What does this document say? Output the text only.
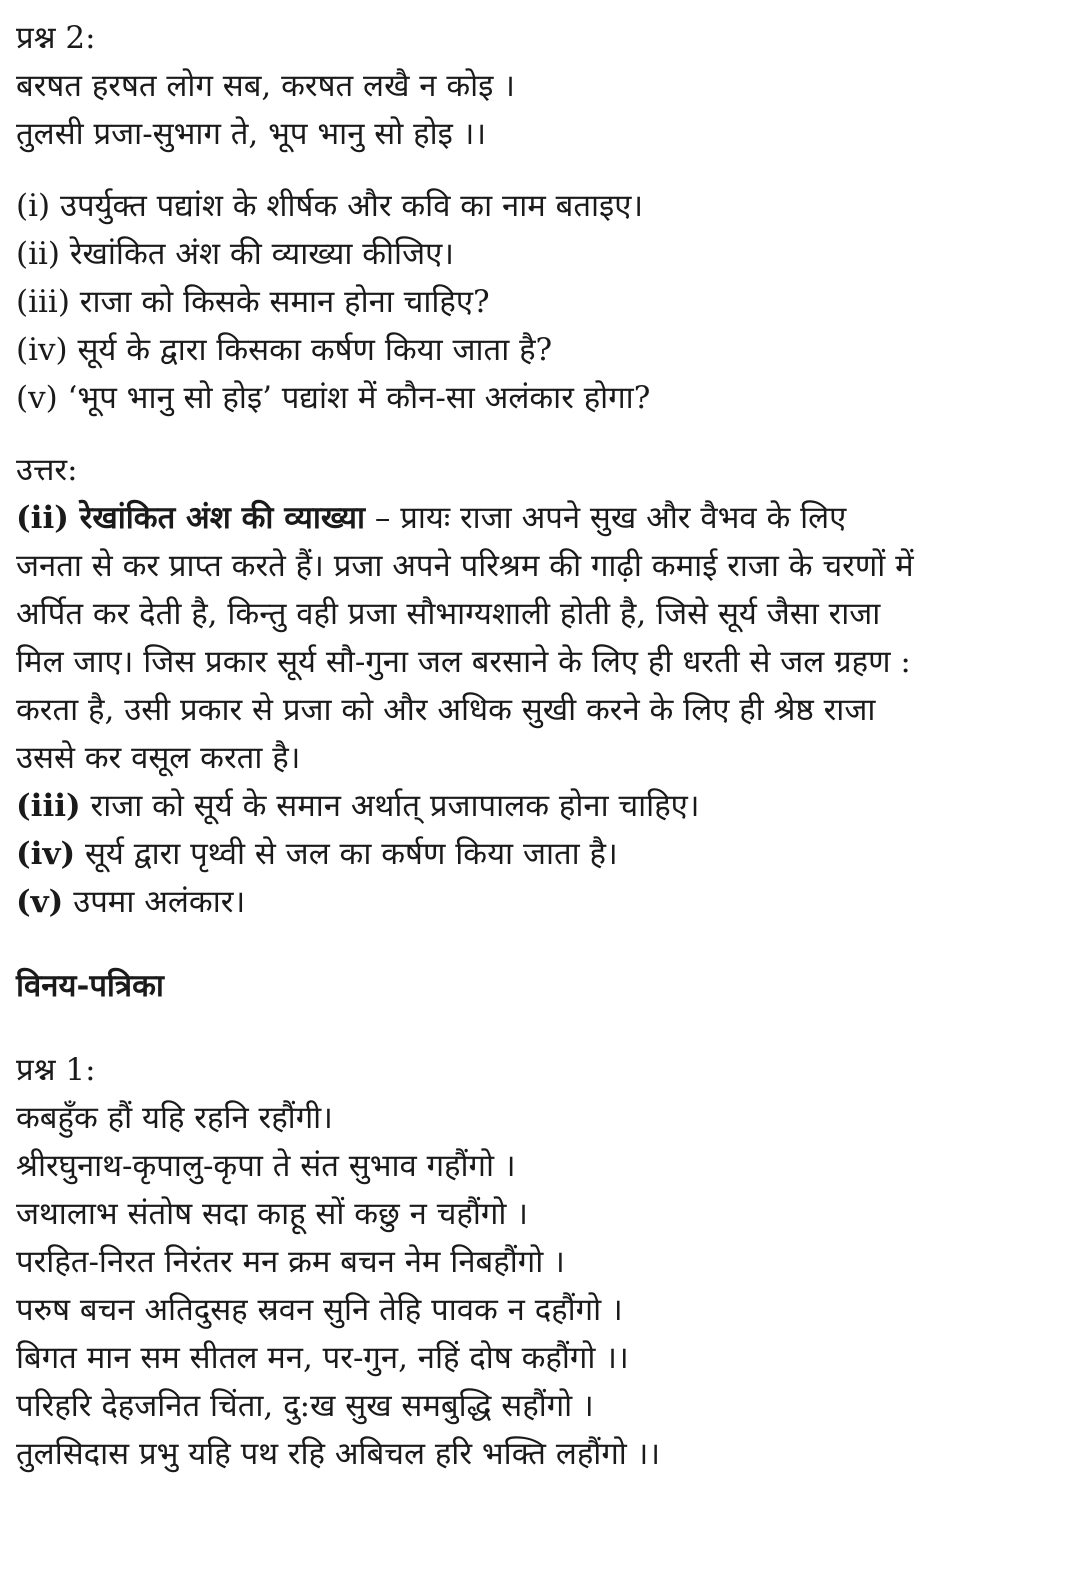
प्रश्न 2:
बरषत हरषत लोग सब, करषत लखै न कोइ ।
तुलसी प्रजा-सुभाग ते, भूप भानु सो होइ ।।
(i) उपर्युक्त पद्यांश के शीर्षक और कवि का नाम बताइए।
(ii) रेखांकित अंश की व्याख्या कीजिए।
(iii) राजा को किसके समान होना चाहिए?
(iv) सूर्य के द्वारा किसका कर्षण किया जाता है?
(v) ‘भूप भानु सो होइ’ पद्यांश में कौन-सा अलंकार होगा?
उत्तर:
(ii) रेखांकित अंश की व्याख्या – प्रायः राजा अपने सुख और वैभव के लिए
जनता से कर प्राप्त करते हैं। प्रजा अपने परिश्रम की गाढ़ी कमाई राजा के चरणों में
अर्पित कर देती है, किन्तु वही प्रजा सौभाग्यशाली होती है, जिसे सूर्य जैसा राजा
मिल जाए। जिस प्रकार सूर्य सौ-गुना जल बरसाने के लिए ही धरती से जल ग्रहण :
करता है, उसी प्रकार से प्रजा को और अधिक सुखी करने के लिए ही श्रेष्ठ राजा
उससे कर वसूल करता है।
(iii) राजा को सूर्य के समान अर्थात् प्रजापालक होना चाहिए।
(iv) सूर्य द्वारा पृथ्वी से जल का कर्षण किया जाता है।
(v) उपमा अलंकार।
विनय-पत्रिका
प्रश्न 1:
कबहुँक हौं यहि रहनि रहौंगी।
श्रीरघुनाथ-कृपालु-कृपा ते संत सुभाव गहौंगो ।
जथालाभ संतोष सदा काहू सों कछु न चहौंगो ।
परहित-निरत निरंतर मन क्रम बचन नेम निबहौंगो ।
परुष बचन अतिदुसह स्रवन सुनि तेहि पावक न दहौंगो ।
बिगत मान सम सीतल मन, पर-गुन, नहिं दोष कहौंगो ।।
परिहरि देहजनित चिंता, दु:ख सुख समबुद्धि सहौंगो ।
तुलसिदास प्रभु यहि पथ रहि अबिचल हरि भक्ति लहौंगो ।।
